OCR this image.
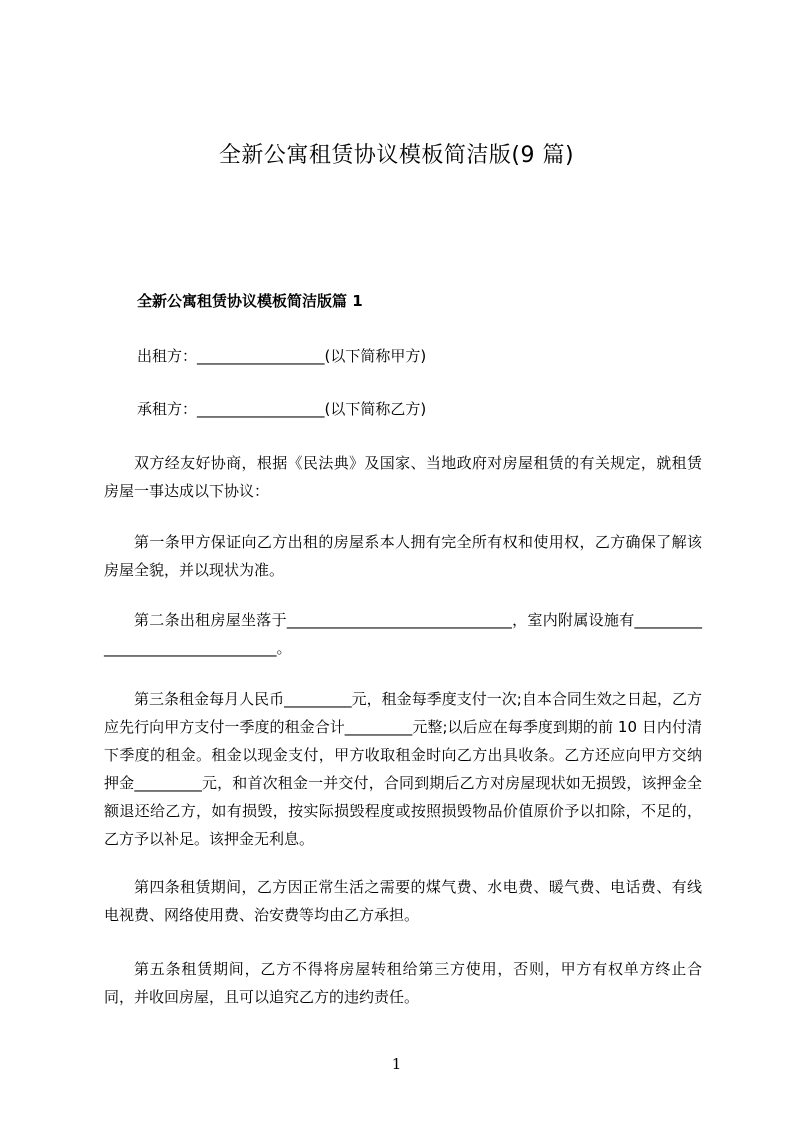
全新公寓租赁协议模板简洁版(9 篇)
全新公寓租赁协议模板简洁版篇 1
出租方：_________________(以下简称甲方)
承租方：_________________(以下简称乙方)
双方经友好协商，根据《民法典》及国家、当地政府对房屋租赁的有关规定，就租赁房屋一事达成以下协议：
第一条甲方保证向乙方出租的房屋系本人拥有完全所有权和使用权，乙方确保了解该房屋全貌，并以现状为准。
第二条出租房屋坐落于______________________________，室内附属设施有________________________________。
第三条租金每月人民币_________元，租金每季度支付一次;自本合同生效之日起，乙方应先行向甲方支付一季度的租金合计_________元整;以后应在每季度到期的前 10 日内付清下季度的租金。租金以现金支付，甲方收取租金时向乙方出具收条。乙方还应向甲方交纳押金_________元，和首次租金一并交付，合同到期后乙方对房屋现状如无损毁，该押金全额退还给乙方，如有损毁，按实际损毁程度或按照损毁物品价值原价予以扣除，不足的，乙方予以补足。该押金无利息。
第四条租赁期间，乙方因正常生活之需要的煤气费、水电费、暖气费、电话费、有线电视费、网络使用费、治安费等均由乙方承担。
第五条租赁期间，乙方不得将房屋转租给第三方使用，否则，甲方有权单方终止合同，并收回房屋，且可以追究乙方的违约责任。
1
